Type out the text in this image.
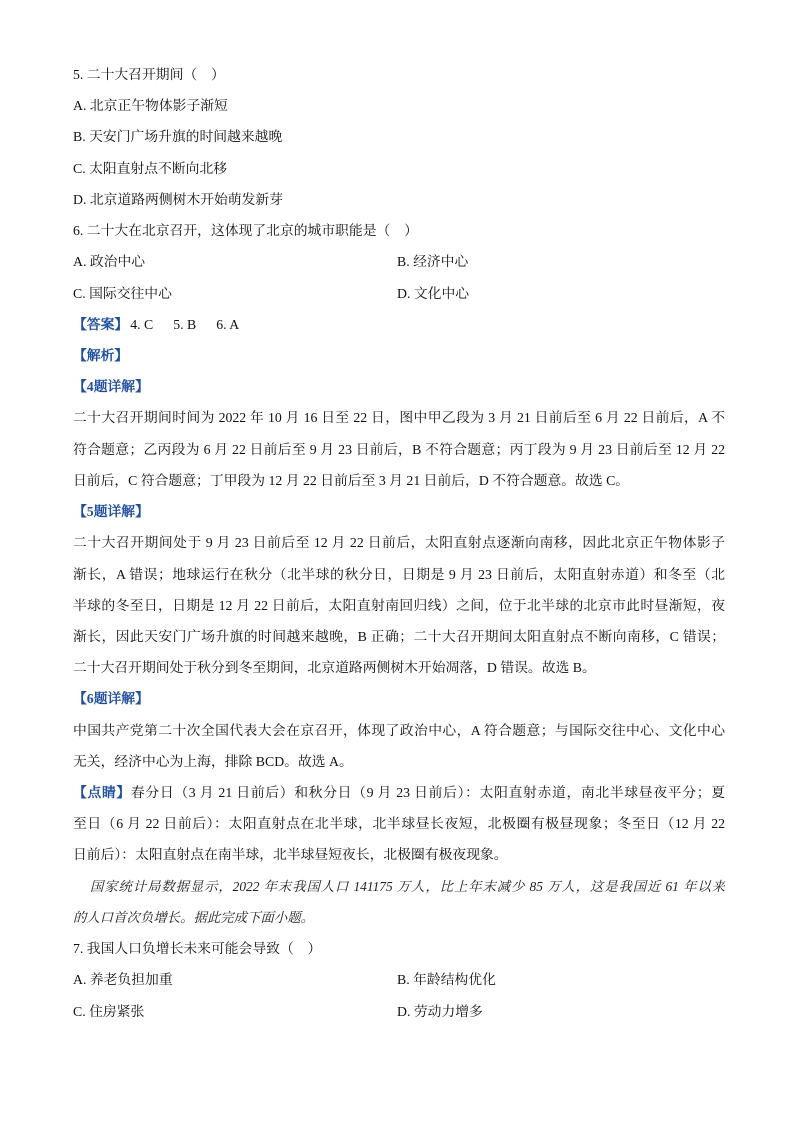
5. 二十大召开期间（　）
A. 北京正午物体影子渐短
B. 天安门广场升旗的时间越来越晚
C. 太阳直射点不断向北移
D. 北京道路两侧树木开始萌发新芽
6. 二十大在北京召开，这体现了北京的城市职能是（　）
A. 政治中心	B. 经济中心
C. 国际交往中心	D. 文化中心
【答案】 4. C 5. B 6. A
【解析】
【4题详解】
二十大召开期间时间为 2022 年 10 月 16 日至 22 日，图中甲乙段为 3 月 21 日前后至 6 月 22 日前后，A 不
符合题意；乙丙段为 6 月 22 日前后至 9 月 23 日前后，B 不符合题意；丙丁段为 9 月 23 日前后至 12 月 22
日前后，C 符合题意；丁甲段为 12 月 22 日前后至 3 月 21 日前后，D 不符合题意。故选 C。
【5题详解】
二十大召开期间处于 9 月 23 日前后至 12 月 22 日前后，太阳直射点逐渐向南移，因此北京正午物体影子
渐长，A 错误；地球运行在秋分（北半球的秋分日，日期是 9 月 23 日前后，太阳直射赤道）和冬至（北
半球的冬至日，日期是 12 月 22 日前后，太阳直射南回归线）之间，位于北半球的北京市此时昼渐短，夜
渐长，因此天安门广场升旗的时间越来越晚，B 正确；二十大召开期间太阳直射点不断向南移，C 错误；
二十大召开期间处于秋分到冬至期间，北京道路两侧树木开始凋落，D 错误。故选 B。
【6题详解】
中国共产党第二十次全国代表大会在京召开，体现了政治中心，A 符合题意；与国际交往中心、文化中心
无关，经济中心为上海，排除 BCD。故选 A。
【点睛】春分日（3 月 21 日前后）和秋分日（9 月 23 日前后）：太阳直射赤道，南北半球昼夜平分；夏
至日（6 月 22 日前后）：太阳直射点在北半球，北半球昼长夜短，北极圈有极昼现象；冬至日（12 月 22
日前后）：太阳直射点在南半球，北半球昼短夜长，北极圈有极夜现象。
国家统计局数据显示，2022 年末我国人口 141175 万人，比上年末减少 85 万人，这是我国近 61 年以来
的人口首次负增长。据此完成下面小题。
7. 我国人口负增长未来可能会导致（　）
A. 养老负担加重	B. 年龄结构优化
C. 住房紧张	D. 劳动力增多
